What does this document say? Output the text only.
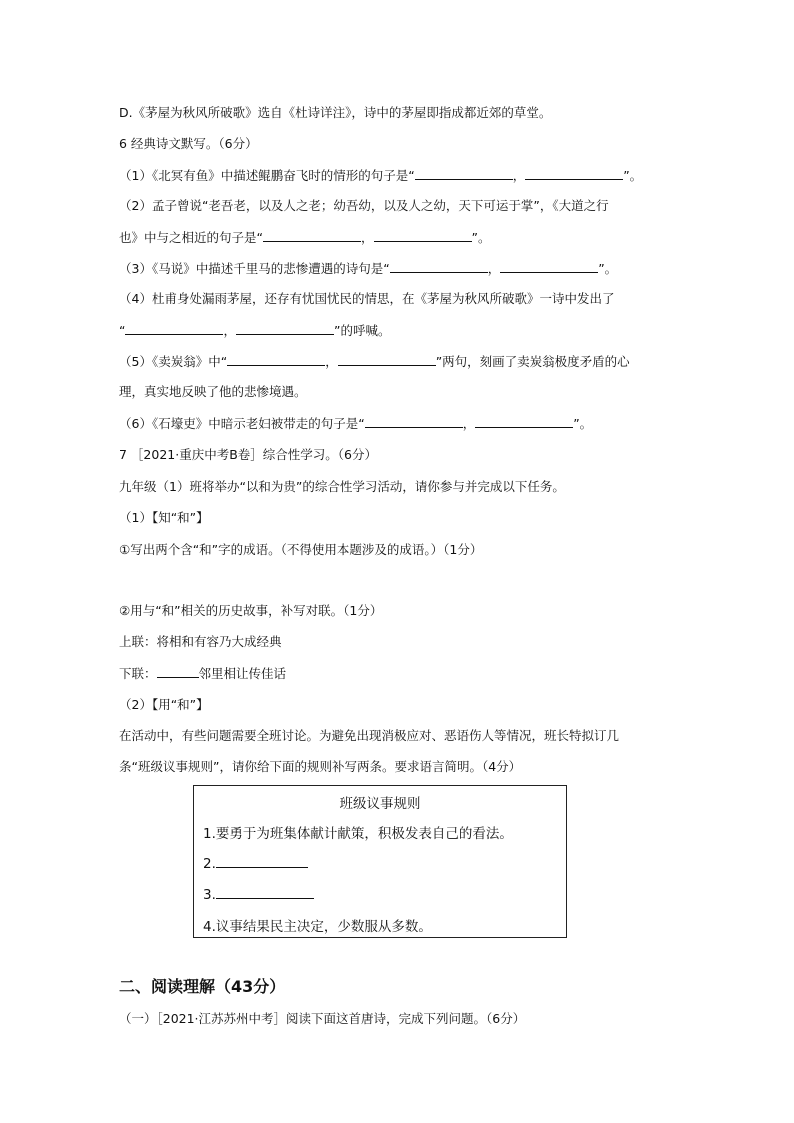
D.《茅屋为秋风所破歌》选自《杜诗详注》，诗中的茅屋即指成都近郊的草堂。
6 经典诗文默写。（6分）
（1）《北冥有鱼》中描述鲲鹏奋飞时的情形的句子是“	，	”。
（2）孟子曾说“老吾老，以及人之老；幼吾幼，以及人之幼，天下可运于掌”，《大道之行
也》中与之相近的句子是“	，	”。
（3）《马说》中描述千里马的悲惨遭遇的诗句是“	，	”。
（4）杜甫身处漏雨茅屋，还存有忧国忧民的情思，在《茅屋为秋风所破歌》一诗中发出了
“	，	”的呼喊。
（5）《卖炭翁》中“	，	”两句，刻画了卖炭翁极度矛盾的心
理，真实地反映了他的悲惨境遇。
（6）《石壕吏》中暗示老妇被带走的句子是“	，	”。
7 ［2021·重庆中考B卷］综合性学习。（6分）
九年级（1）班将举办“以和为贵”的综合性学习活动，请你参与并完成以下任务。
（1）【知“和”】
①写出两个含“和”字的成语。（不得使用本题涉及的成语。）（1分）
②用与“和”相关的历史故事，补写对联。（1分）
上联：将相和有容乃大成经典
下联：	邻里相让传佳话
（2）【用“和”】
在活动中，有些问题需要全班讨论。为避免出现消极应对、恶语伤人等情况，班长特拟订几
条“班级议事规则”，请你给下面的规则补写两条。要求语言简明。（4分）
班级议事规则
1.要勇于为班集体献计献策，积极发表自己的看法。
2.
3.
4.议事结果民主决定，少数服从多数。
二、阅读理解（43分）
（一）［2021·江苏苏州中考］阅读下面这首唐诗，完成下列问题。（6分）
